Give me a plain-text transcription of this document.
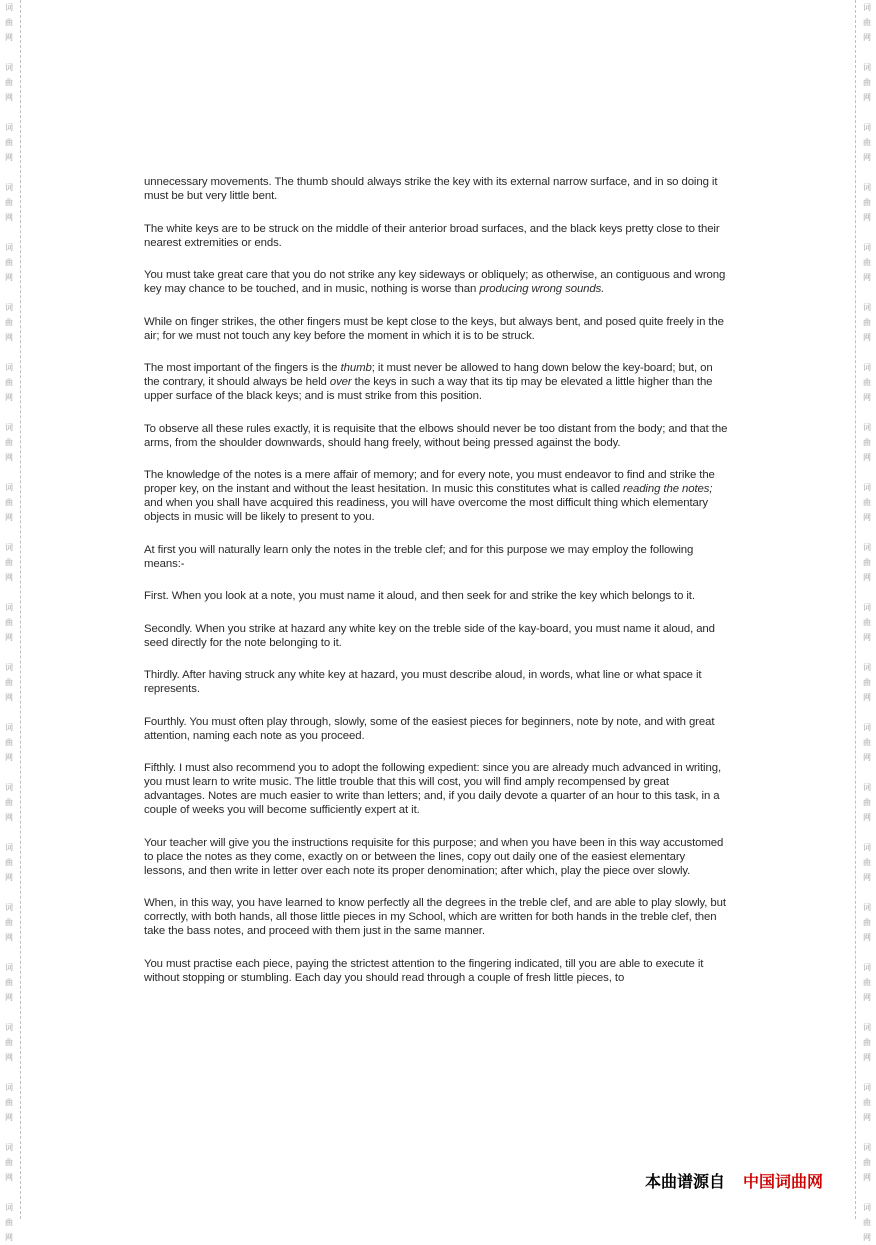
词
曲
网
词
曲
网
词
曲
网
词
曲
网
词
曲
网
词
曲
网
词
曲
网
词
曲
网
词
曲
网
词
曲
网
词
曲
网
词
曲
网
词
曲
网
词
曲
网
词
曲
网
词
曲
网
词
曲
网
词
曲
网
词
曲
网
词
曲
网
词
曲
网
词
曲
网
词
曲
网
词
曲
网
词
曲
网
词
曲
网
词
曲
网
词
曲
网
词
曲
网
词
曲
网
词
曲
网
词
曲
网
词
曲
网
词
曲
网
词
曲
网
词
曲
网
词
曲
网
词
曲
网
词
曲
网
词
曲
网
词
曲
网
词
曲
网

unnecessary movements. The thumb should always strike the key with its external narrow surface, and in so doing it must be but very little bent.

The white keys are to be struck on the middle of their anterior broad surfaces, and the black keys pretty close to their nearest extremities or ends.

You must take great care that you do not strike any key sideways or obliquely; as otherwise, an contiguous and wrong key may chance to be touched, and in music, nothing is worse than producing wrong sounds.

While on finger strikes, the other fingers must be kept close to the keys, but always bent, and posed quite freely in the air; for we must not touch any key before the moment in which it is to be struck.

The most important of the fingers is the thumb; it must never be allowed to hang down below the key-board; but, on the contrary, it should always be held over the keys in such a way that its tip may be elevated a little higher than the upper surface of the black keys; and is must strike from this position.

To observe all these rules exactly, it is requisite that the elbows should never be too distant from the body; and that the arms, from the shoulder downwards, should hang freely, without being pressed against the body.

The knowledge of the notes is a mere affair of memory; and for every note, you must endeavor to find and strike the proper key, on the instant and without the least hesitation. In music this constitutes what is called reading the notes; and when you shall have acquired this readiness, you will have overcome the most difficult thing which elementary objects in music will be likely to present to you.

At first you will naturally learn only the notes in the treble clef; and for this purpose we may employ the following means:-

First. When you look at a note, you must name it aloud, and then seek for and strike the key which belongs to it.

Secondly. When you strike at hazard any white key on the treble side of the kay-board, you must name it aloud, and seed directly for the note belonging to it.

Thirdly. After having struck any white key at hazard, you must describe aloud, in words, what line or what space it represents.

Fourthly. You must often play through, slowly, some of the easiest pieces for beginners, note by note, and with great attention, naming each note as you proceed.

Fifthly. I must also recommend you to adopt the following expedient: since you are already much advanced in writing, you must learn to write music. The little trouble that this will cost, you will find amply recompensed by great advantages. Notes are much easier to write than letters; and, if you daily devote a quarter of an hour to this task, in a couple of weeks you will become sufficiently expert at it.

Your teacher will give you the instructions requisite for this purpose; and when you have been in this way accustomed to place the notes as they come, exactly on or between the lines, copy out daily one of the easiest elementary lessons, and then write in letter over each note its proper denomination; after which, play the piece over slowly.

When, in this way, you have learned to know perfectly all the degrees in the treble clef, and are able to play slowly, but correctly, with both hands, all those little pieces in my School, which are written for both hands in the treble clef, then take the bass notes, and proceed with them just in the same manner.

You must practise each piece, paying the strictest attention to the fingering indicated, till you are able to execute it without stopping or stumbling. Each day you should read through a couple of fresh little pieces, to

本曲谱源自 中国词曲网
